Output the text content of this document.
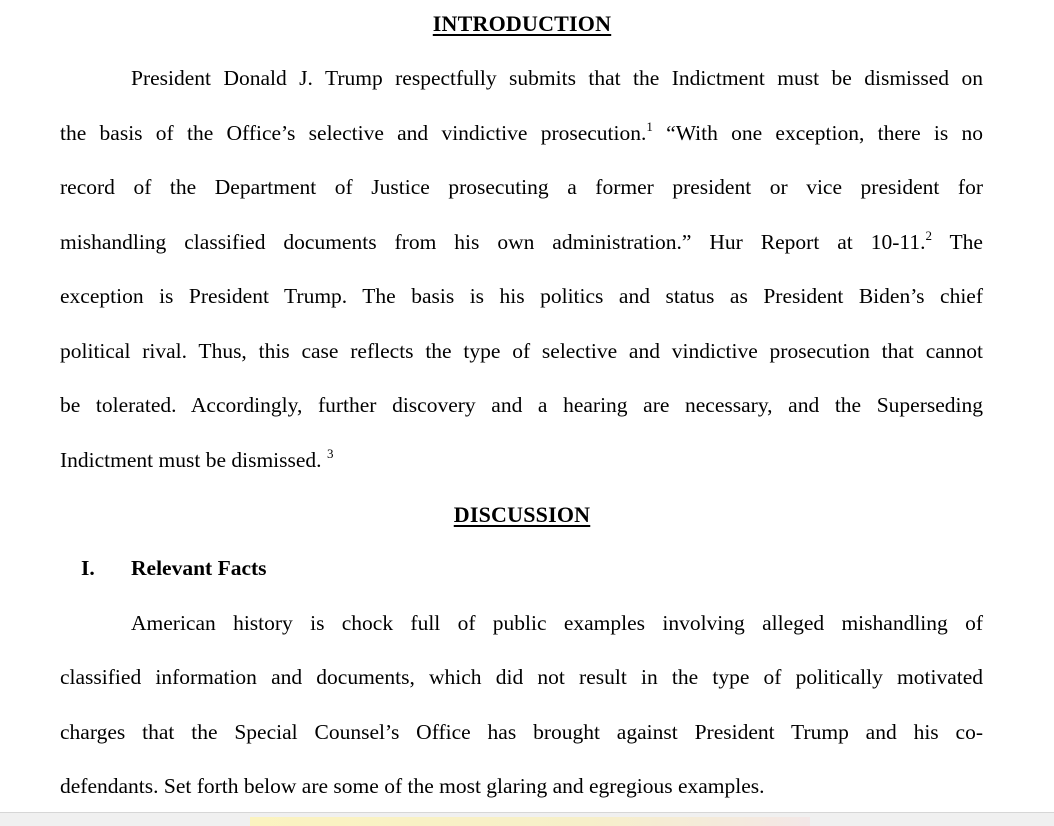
INTRODUCTION
President Donald J. Trump respectfully submits that the Indictment must be dismissed on
the basis of the Office’s selective and vindictive prosecution.$^1$ “With one exception, there is no
record of the Department of Justice prosecuting a former president or vice president for
mishandling classified documents from his own administration.” Hur Report at 10-11.$^2$ The
exception is President Trump. The basis is his politics and status as President Biden’s chief
political rival. Thus, this case reflects the type of selective and vindictive prosecution that cannot
be tolerated. Accordingly, further discovery and a hearing are necessary, and the Superseding
Indictment must be dismissed. $^3$
DISCUSSION
I. Relevant Facts
American history is chock full of public examples involving alleged mishandling of
classified information and documents, which did not result in the type of politically motivated
charges that the Special Counsel’s Office has brought against President Trump and his co-
defendants. Set forth below are some of the most glaring and egregious examples.
